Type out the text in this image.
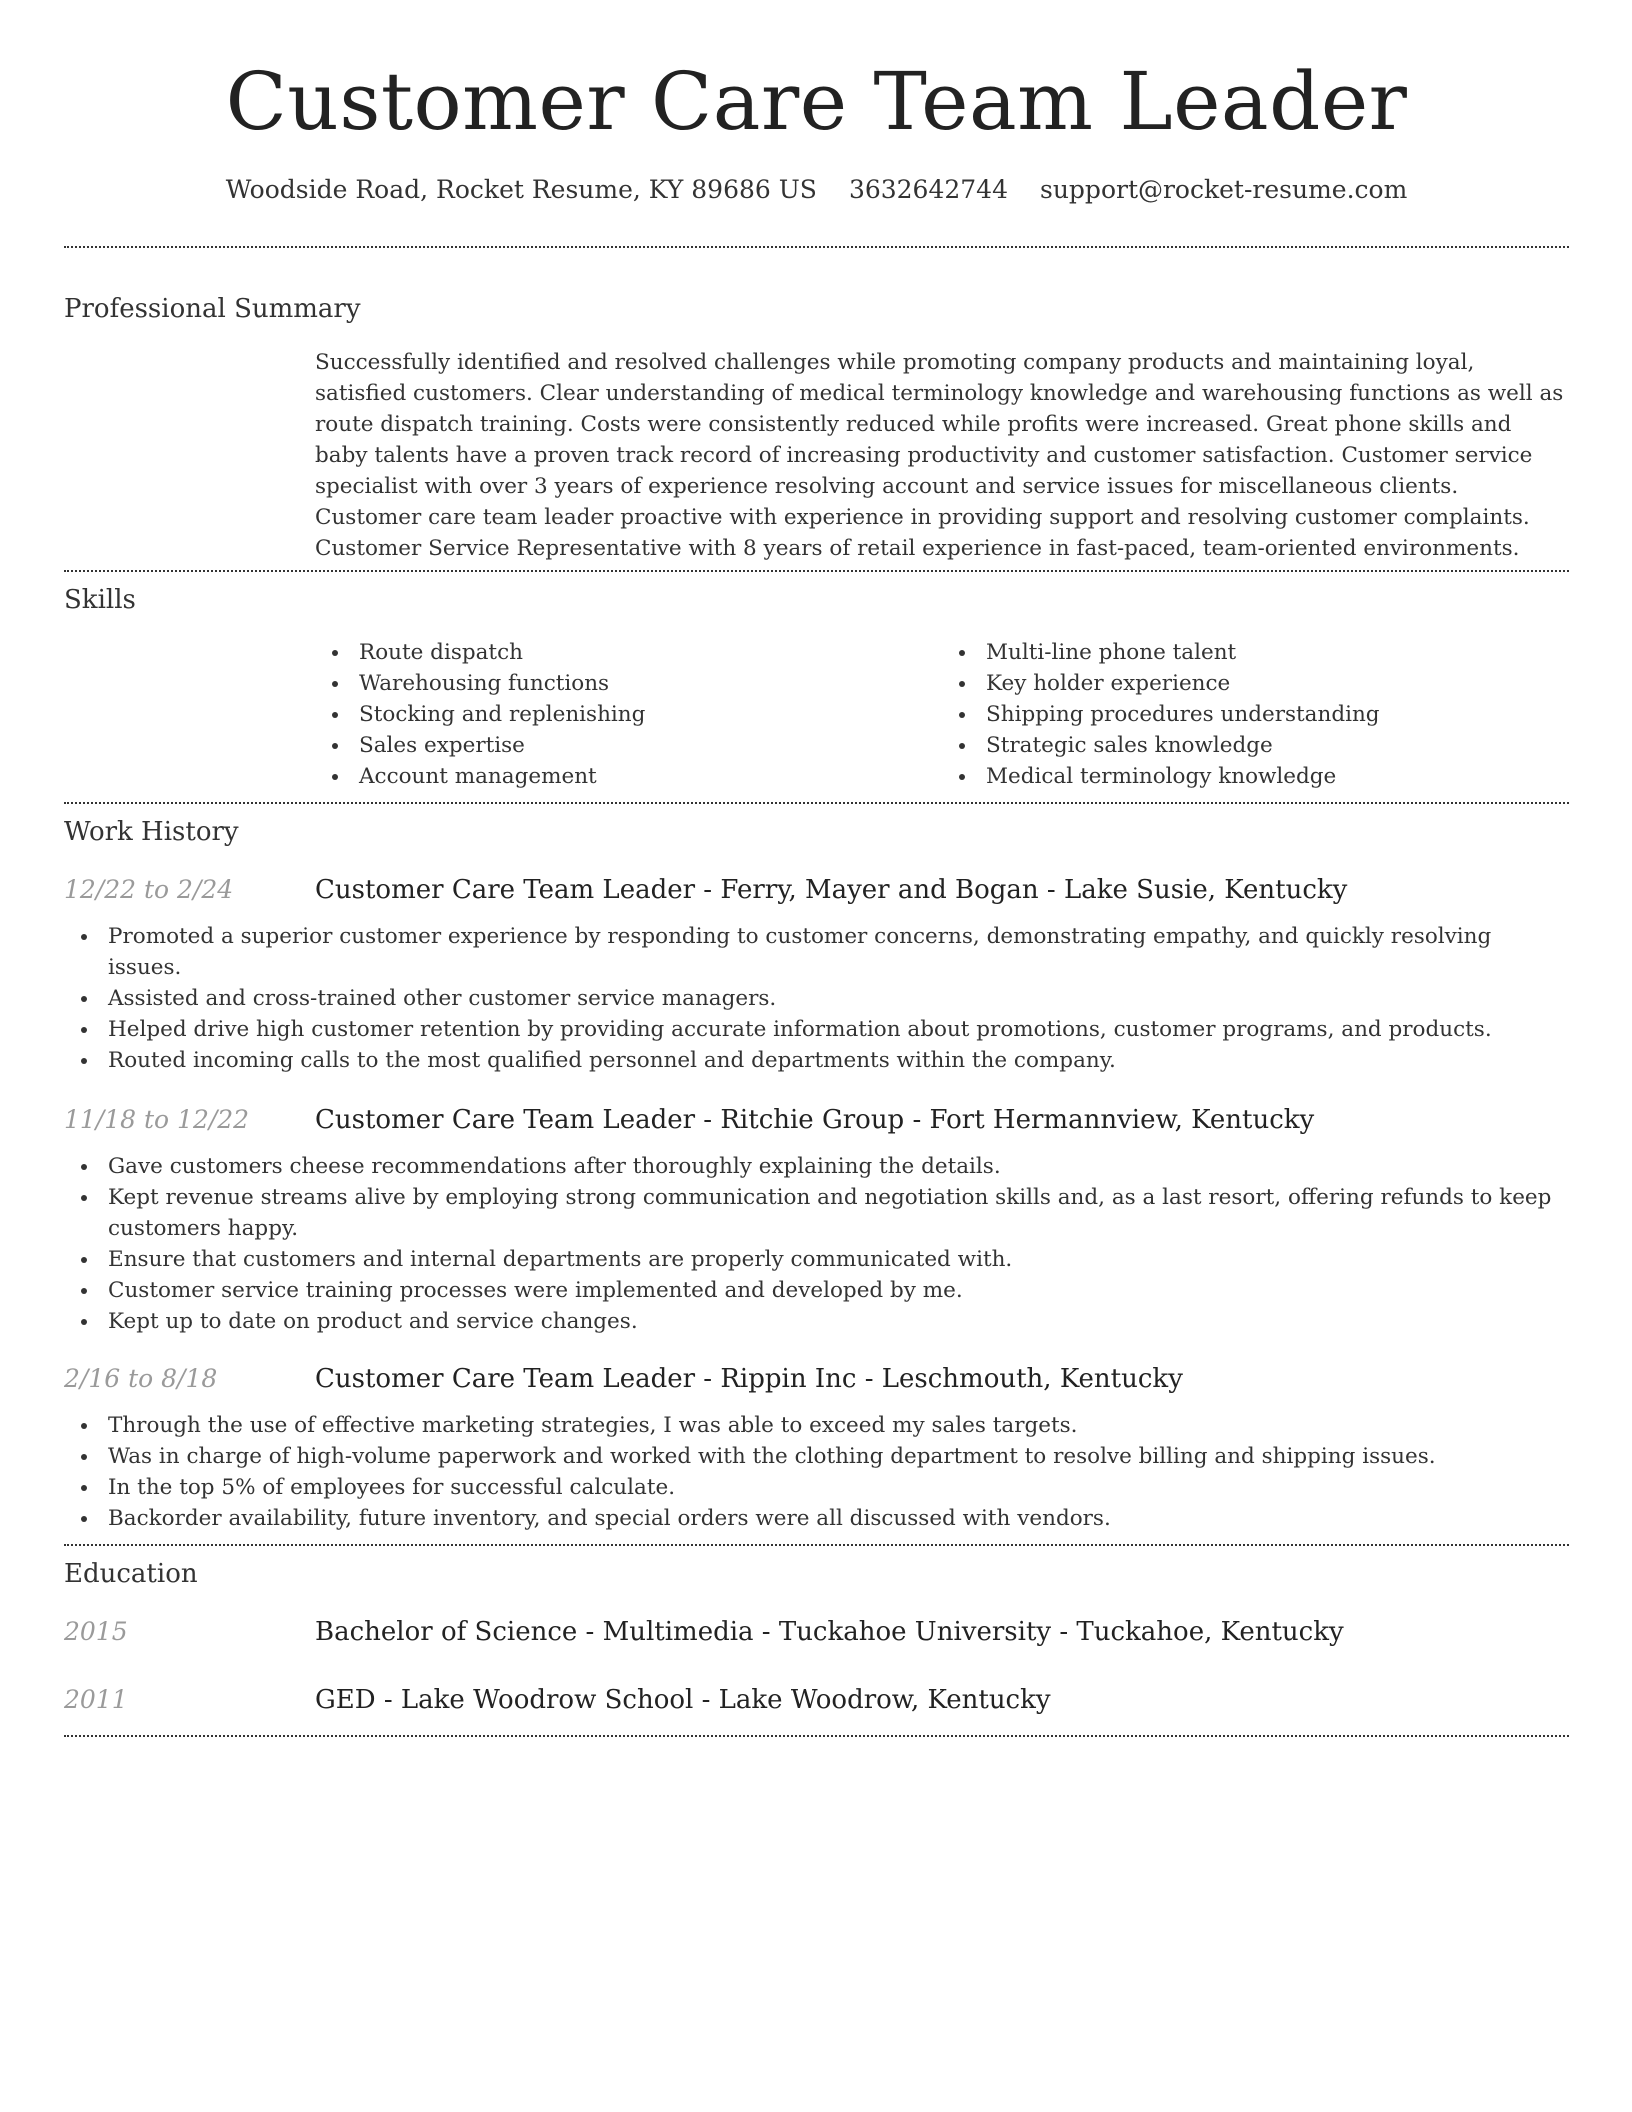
Customer Care Team Leader
Woodside Road, Rocket Resume, KY 89686 US 3632642744 support@rocket-resume.com
Professional Summary

Successfully identified and resolved challenges while promoting company products and maintaining loyal, satisfied customers. Clear understanding of medical terminology knowledge and warehousing functions as well as route dispatch training. Costs were consistently reduced while profits were increased. Great phone skills and baby talents have a proven track record of increasing productivity and customer satisfaction. Customer service specialist with over 3 years of experience resolving account and service issues for miscellaneous clients. Customer care team leader proactive with experience in providing support and resolving customer complaints. Customer Service Representative with 8 years of retail experience in fast-paced, team-oriented environments.

Skills
Route dispatch
Warehousing functions
Stocking and replenishing
Sales expertise
Account management
Multi-line phone talent
Key holder experience
Shipping procedures understanding
Strategic sales knowledge
Medical terminology knowledge
Work History
12/22 to 2/24	Customer Care Team Leader - Ferry, Mayer and Bogan - Lake Susie, Kentucky
Promoted a superior customer experience by responding to customer concerns, demonstrating empathy, and quickly resolving issues.
Assisted and cross-trained other customer service managers.
Helped drive high customer retention by providing accurate information about promotions, customer programs, and products.
Routed incoming calls to the most qualified personnel and departments within the company.
11/18 to 12/22	Customer Care Team Leader - Ritchie Group - Fort Hermannview, Kentucky
Gave customers cheese recommendations after thoroughly explaining the details.
Kept revenue streams alive by employing strong communication and negotiation skills and, as a last resort, offering refunds to keep customers happy.
Ensure that customers and internal departments are properly communicated with.
Customer service training processes were implemented and developed by me.
Kept up to date on product and service changes.
2/16 to 8/18	Customer Care Team Leader - Rippin Inc - Leschmouth, Kentucky
Through the use of effective marketing strategies, I was able to exceed my sales targets.
Was in charge of high-volume paperwork and worked with the clothing department to resolve billing and shipping issues.
In the top 5% of employees for successful calculate.
Backorder availability, future inventory, and special orders were all discussed with vendors.
Education
2015	Bachelor of Science - Multimedia - Tuckahoe University - Tuckahoe, Kentucky
2011	GED - Lake Woodrow School - Lake Woodrow, Kentucky
